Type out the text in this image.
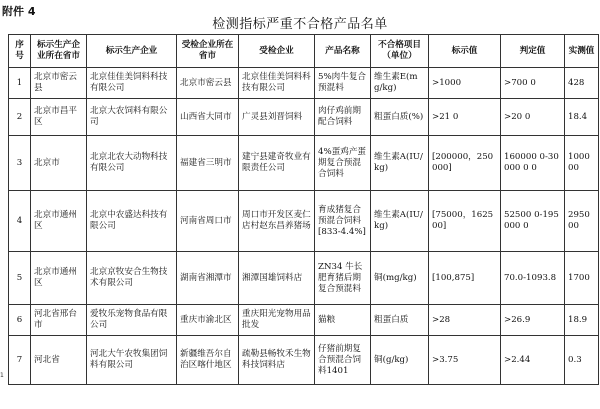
附件 4
检测指标严重不合格产品名单
1
序号	标示生产企业所在省市	标示生产企业	受检企业所在省市	受检企业	产品名称	不合格项目（单位）	标示值	判定值	实测值
1	北京市密云县	北京佳佳美饲料科技有限公司	北京市密云县	北京佳佳美饲料科技有限公司	5%肉牛复合预混料	维生素E(mg/kg)	>1000	>700 0	428
2	北京市昌平区	北京大农饲料有限公司	山西省大同市	广灵县刘晋饲料	肉仔鸡前期配合饲料	粗蛋白质(%)	>21 0	>20 0	18.4
3	北京市	北京北农大动物科技有限公司	福建省三明市	建宁县建奇牧业有限责任公司	4%蛋鸡产蛋期复合预混合饲料	维生素A(IU/kg)	[200000，250000]	160000 0-30000 0 0	100000
4	北京市通州区	北京中农盛达科技有限公司	河南省周口市	周口市开发区麦仁店村赵东昌养猪场	育成猪复合预混合饲料[833-4.4%]	维生素A(IU/kg)	[75000，162500]	52500 0-195000 0	295000
5	北京市通州区	北京京牧安合生物技术有限公司	湖南省湘潭市	湘潭国雄饲料店	ZN34 牛长肥育猪后期复合预混料	铜(mg/kg)	[100,875]	70.0-1093.8	1700
6	河北省邢台市	爱牧乐宠物食品有限公司	重庆市渝北区	重庆阳光宠物用品批发	猫粮	粗蛋白质	>28	>26.9	18.9
7	河北省	河北大午农牧集团饲料有限公司	新疆维吾尔自治区喀什地区	疏勒县畅牧禾生物科技饲料店	仔猪前期复合预混合饲料1401	铜(g/kg)	>3.75	>2.44	0.3
